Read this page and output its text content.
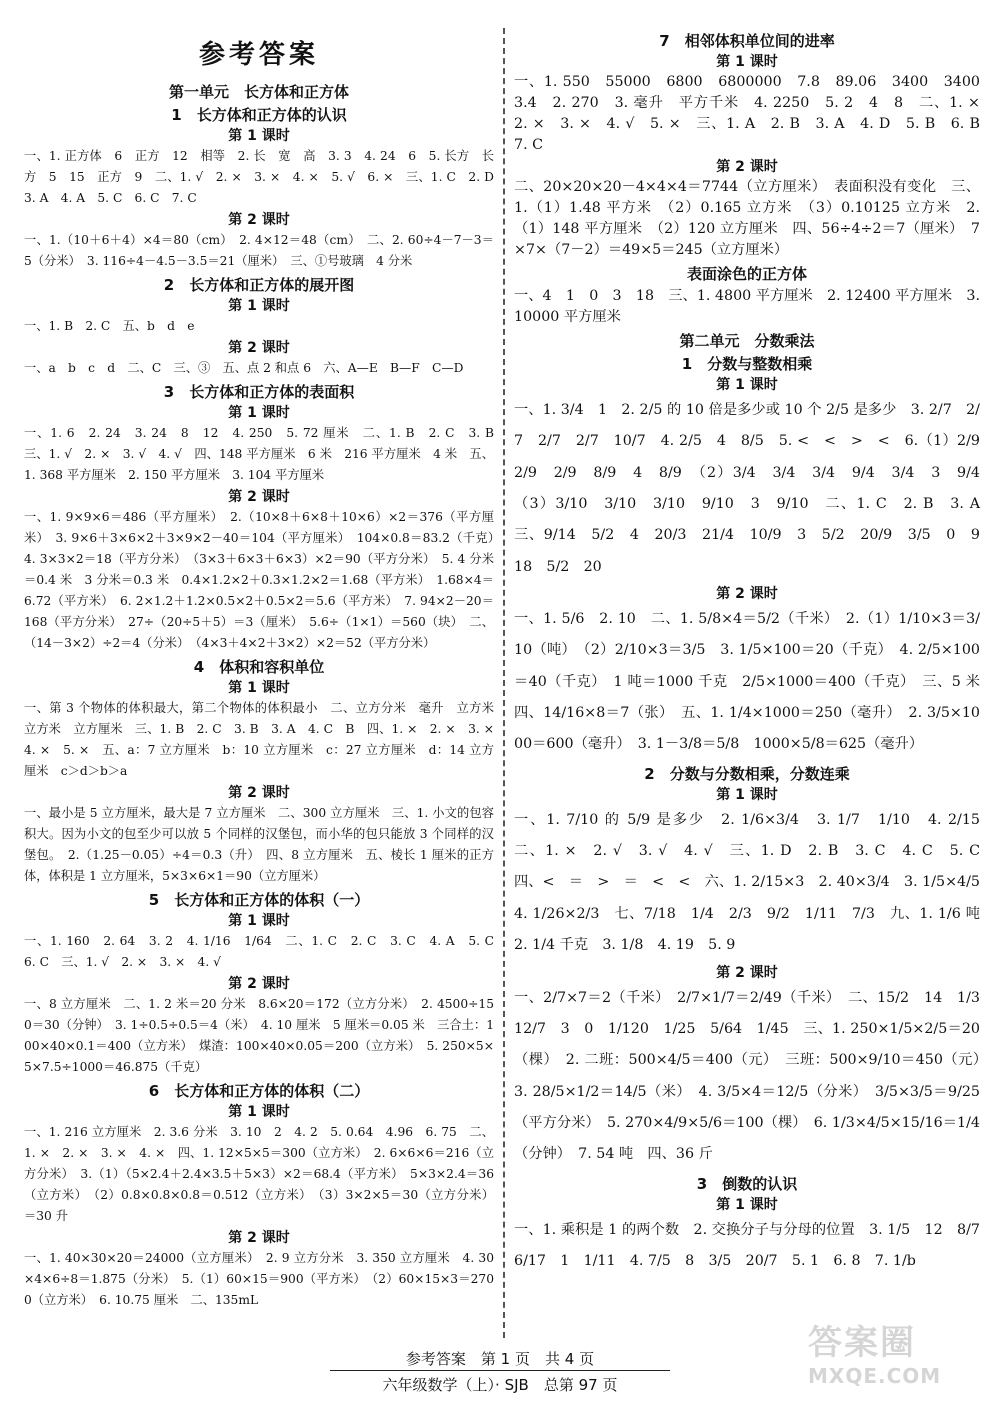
参考答案
第一单元　长方体和正方体
1　长方体和正方体的认识
第 1 课时
一、1. 正方体　6　正方　12　相等　2. 长　宽　高　3. 3　4. 24　6　5. 长方　长方　5　15　正方　9　二、1. √　2. ×　3. ×　4. ×　5. √　6. ×　三、1. C　2. D　3. A　4. A　5. C　6. C　7. C
第 2 课时
一、1.（10＋6＋4）×4＝80（cm）　2. 4×12＝48（cm）　二、2. 60÷4－7－3＝5（分米）　3. 116÷4－4.5－3.5＝21（厘米）　三、①号玻璃　4 分米
2　长方体和正方体的展开图
第 1 课时
一、1. B　2. C　五、b　d　e
第 2 课时
一、a　b　c　d　二、C　三、③　五、点 2 和点 6　六、A—E　B—F　C—D
3　长方体和正方体的表面积
第 1 课时
一、1. 6　2. 24　3. 24　8　12　4. 250　5. 72 厘米　二、1. B　2. C　3. B　三、1. √　2. ×　3. √　4. √　四、148 平方厘米　6 米　216 平方厘米　4 米　五、1. 368 平方厘米　2. 150 平方厘米　3. 104 平方厘米
第 2 课时
一、1. 9×9×6＝486（平方厘米）　2.（10×8＋6×8＋10×6）×2＝376（平方厘米）　3. 9×6＋3×6×2＋3×9×2－40＝104（平方厘米）　104×0.8＝83.2（千克）　4. 3×3×2＝18（平方分米）　（3×3＋6×3＋6×3）×2＝90（平方分米）　5. 4 分米＝0.4 米　3 分米＝0.3 米　0.4×1.2×2＋0.3×1.2×2＝1.68（平方米）　1.68×4＝6.72（平方米）　6. 2×1.2＋1.2×0.5×2＋0.5×2＝5.6（平方米）　7. 94×2－20＝168（平方分米）　27÷（20÷5＋5）＝3（厘米）　5.6÷（1×1）＝560（块）　二、（14－3×2）÷2＝4（分米）　（4×3＋4×2＋3×2）×2＝52（平方分米）
4　体积和容积单位
第 1 课时
一、第 3 个物体的体积最大，第二个物体的体积最小　二、立方分米　毫升　立方米　立方米　立方厘米　三、1. B　2. C　3. B　3. A　4. C　B　四、1. ×　2. ×　3. ×　4. ×　5. ×　五、a：7 立方厘米　b：10 立方厘米　c：27 立方厘米　d：14 立方厘米　c＞d＞b＞a
第 2 课时
一、最小是 5 立方厘米，最大是 7 立方厘米　二、300 立方厘米　三、1. 小文的包容积大。因为小文的包至少可以放 5 个同样的汉堡包，而小华的包只能放 3 个同样的汉堡包。　2.（1.25－0.05）÷4＝0.3（升）　四、8 立方厘米　五、棱长 1 厘米的正方体，体积是 1 立方厘米，5×3×6×1＝90（立方厘米）
5　长方体和正方体的体积（一）
第 1 课时
一、1. 160　2. 64　3. 2　4. 1/16　1/64　二、1. C　2. C　3. C　4. A　5. C　6. C　三、1. √　2. ×　3. ×　4. √
第 2 课时
一、8 立方厘米　二、1. 2 米＝20 分米　8.6×20＝172（立方分米）　2. 4500÷150＝30（分钟）　3. 1÷0.5÷0.5＝4（米）　4. 10 厘米　5 厘米＝0.05 米　三合土：100×40×0.1＝400（立方米）　煤渣：100×40×0.05＝200（立方米）　5. 250×5×5×7.5÷1000＝46.875（千克）
6　长方体和正方体的体积（二）
第 1 课时
一、1. 216 立方厘米　2. 3.6 分米　3. 10　2　4. 2　5. 0.64　4.96　6. 75　二、1. ×　2. ×　3. ×　4. ×　四、1. 12×5×5＝300（立方米）　2. 6×6×6＝216（立方分米）　3.（1）（5×2.4＋2.4×3.5＋5×3）×2＝68.4（平方米）　5×3×2.4＝36（立方米）　（2）0.8×0.8×0.8＝0.512（立方米）　（3）3×2×5＝30（立方分米）＝30 升
第 2 课时
一、1. 40×30×20＝24000（立方厘米）　2. 9 立方分米　3. 350 立方厘米　4. 30×4×6÷8＝1.875（分米）　5.（1）60×15＝900（平方米）　（2）60×15×3＝2700（立方米）　6. 10.75 厘米　二、135mL
7　相邻体积单位间的进率
第 1 课时
一、1. 550　55000　6800　6800000　7.8　89.06　3400　3400　3.4　2. 270　3. 毫升　平方千米　4. 2250　5. 2　4　8　二、1. ×　2. ×　3. ×　4. √　5. ×　三、1. A　2. B　3. A　4. D　5. B　6. B　7. C
第 2 课时
二、20×20×20－4×4×4＝7744（立方厘米）　表面积没有变化　三、1.（1）1.48 平方米　（2）0.165 立方米　（3）0.10125 立方米　2.（1）148 平方厘米　（2）120 立方厘米　四、56÷4÷2＝7（厘米）　7×7×（7－2）＝49×5＝245（立方厘米）
表面涂色的正方体
一、4　1　0　3　18　三、1. 4800 平方厘米　2. 12400 平方厘米　3. 10000 平方厘米
第二单元　分数乘法
1　分数与整数相乘
第 1 课时
一、1. 3/4　1　2. 2/5 的 10 倍是多少或 10 个 2/5 是多少　3. 2/7　2/7　2/7　2/7　10/7　4. 2/5　4　8/5　5. <　<　>　<　6.（1）2/9　2/9　2/9　8/9　4　8/9　（2）3/4　3/4　3/4　9/4　3/4　3　9/4　（3）3/10　3/10　3/10　9/10　3　9/10　二、1. C　2. B　3. A　三、9/14　5/2　4　20/3　21/4　10/9　3　5/2　20/9　3/5　0　9　18　5/2　20
第 2 课时
一、1. 5/6　2. 10　二、1. 5/8×4＝5/2（千米）　2.（1）1/10×3＝3/10（吨）　（2）2/10×3＝3/5　3. 1/5×100＝20（千克）　4. 2/5×100＝40（千克）　1 吨＝1000 千克　2/5×1000＝400（千克）　三、5 米　四、14/16×8＝7（张）　五、1. 1/4×1000＝250（毫升）　2. 3/5×1000＝600（毫升）　3. 1－3/8＝5/8　1000×5/8＝625（毫升）
2　分数与分数相乘，分数连乘
第 1 课时
一、1. 7/10 的 5/9 是多少　2. 1/6×3/4　3. 1/7　1/10　4. 2/15　二、1. ×　2. √　3. √　4. √　三、1. D　2. B　3. C　4. C　5. C　四、<　＝　>　＝　<　<　六、1. 2/15×3　2. 40×3/4　3. 1/5×4/5　4. 1/26×2/3　七、7/18　1/4　2/3　9/2　1/11　7/3　九、1. 1/6 吨　2. 1/4 千克　3. 1/8　4. 19　5. 9
第 2 课时
一、2/7×7＝2（千米）　2/7×1/7＝2/49（千米）　二、15/2　14　1/3　12/7　3　0　1/120　1/25　5/64　1/45　三、1. 250×1/5×2/5＝20（棵）　2. 二班：500×4/5＝400（元）　三班：500×9/10＝450（元）　3. 28/5×1/2＝14/5（米）　4. 3/5×4＝12/5（分米）　3/5×3/5＝9/25（平方分米）　5. 270×4/9×5/6＝100（棵）　6. 1/3×4/5×15/16＝1/4（分钟）　7. 54 吨　四、36 斤
3　倒数的认识
第 1 课时
一、1. 乘积是 1 的两个数　2. 交换分子与分母的位置　3. 1/5　12　8/7　6/17　1　1/11　4. 7/5　8　3/5　20/7　5. 1　6. 8　7. 1/b
参考答案　第 1 页　共 4 页
六年级数学（上）· SJB　总第 97 页
答案圈
MXQE.COM
